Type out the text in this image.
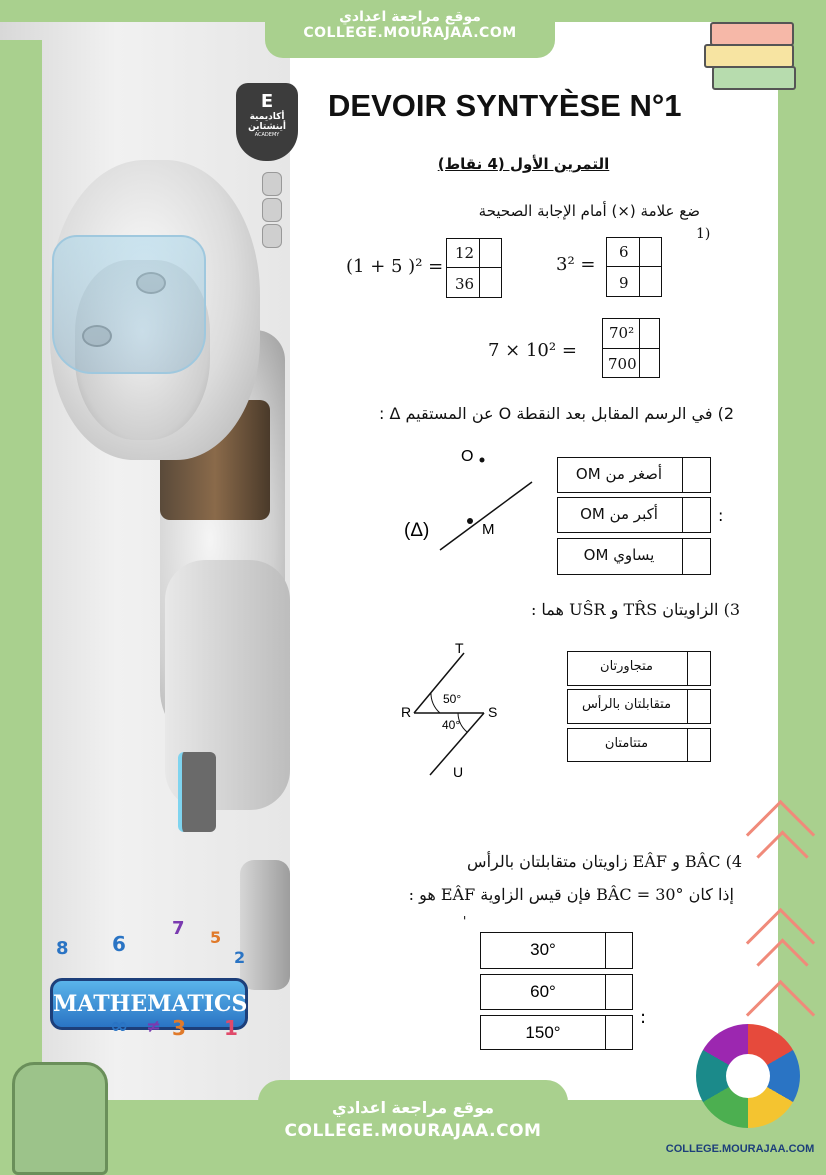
E
أكاديمية
أينشتاين
ACADEMY
8 6
7 5
2
MATHEMATICS
∞ ≠ 3 1
موقع مراجعة اعدادي
COLLEGE.MOURAJAA.COM
DEVOIR SYNTYÈSE N°1
التمرين الأول (4 نقاط)
ضع علامة (×) أمام الإجابة الصحيحة
1)
(1 + 5 )² =
12
36
3² =
6
9
7 × 10² =
70²
700
2) في الرسم المقابل بعد النقطة O عن المستقيم Δ :
O
M
(Δ)
أصغر من OM
أكبر من OM
يساوي OM
:
3) الزاويتان TR̂S و UŜR هما :
T
R	S
U
50°
40°
متجاورتان
متقابلتان بالرأس
متتامتان
4) BÂC و EÂF زاويتان متقابلتان بالرأس
إذا كان BÂC = 30° فإن قيس الزاوية EÂF هو :
'
30°
60°
150°
:
موقع مراجعة اعدادي
COLLEGE.MOURAJAA.COM
COLLEGE.MOURAJAA.COM
